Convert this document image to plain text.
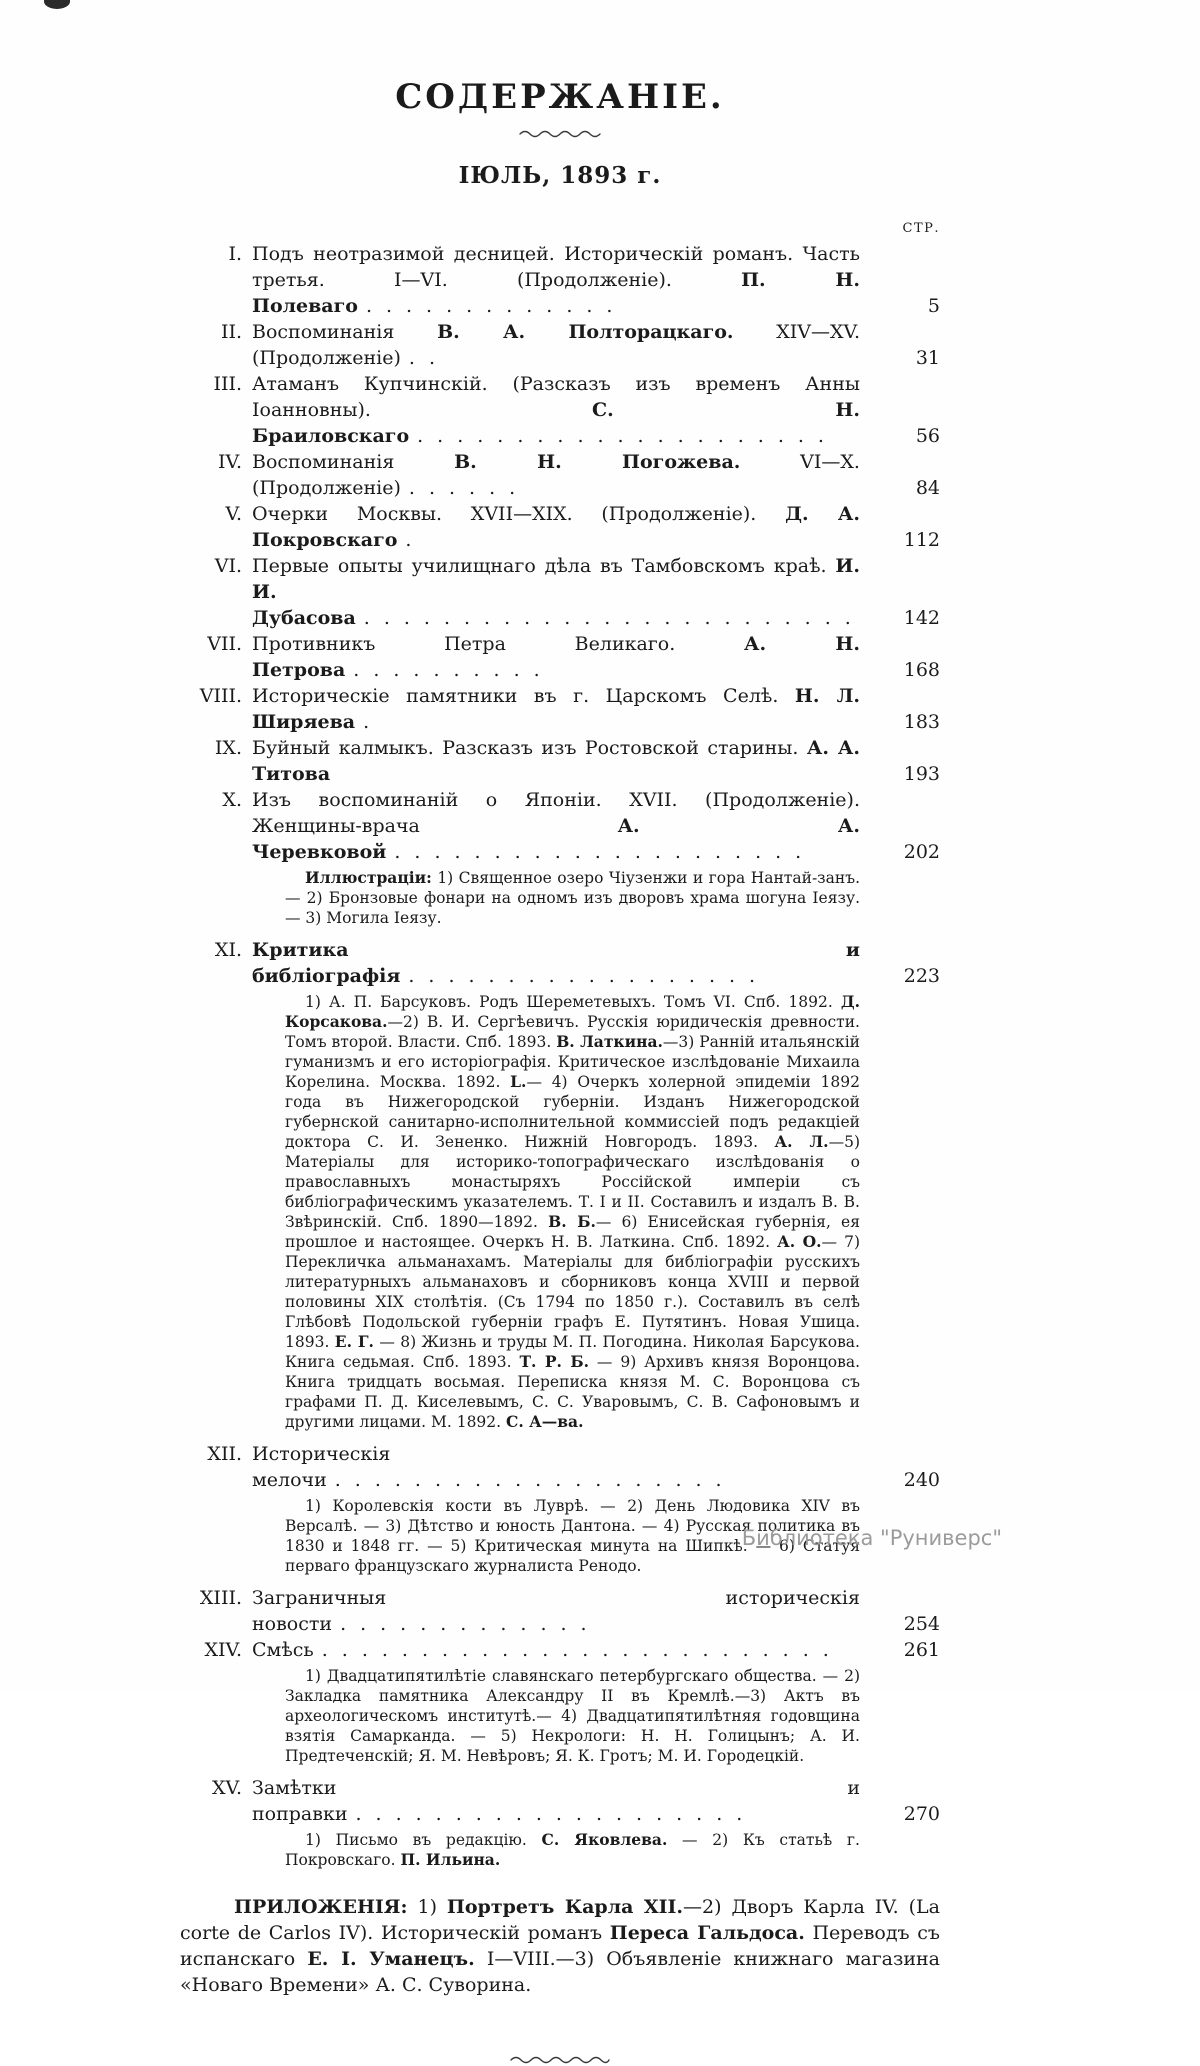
СОДЕРЖАНІЕ.
ІЮЛЬ, 1893 г.
СТР.
I. Подъ неотразимой десницей. Историческій романъ. Часть третья. I—VI. (Продолженіе). П. Н. Полеваго .............	5
II. Воспоминанія В. А. Полторацкаго. XIV—XV. (Продолженіе) ..	31
III. Атаманъ Купчинскій. (Разсказъ изъ временъ Анны Іоанновны). С. Н. Браиловскаго .....................	56
IV. Воспоминанія В. Н. Погожева. VI—X. (Продолженіе) ......	84
V. Очерки Москвы. XVII—XIX. (Продолженіе). Д. А. Покровскаго .	112
VI. Первые опыты училищнаго дѣла въ Тамбовскомъ краѣ. И. И. Дубасова .........................	142
VII. Противникъ Петра Великаго. А. Н. Петрова ..........	168
VIII. Историческіе памятники въ г. Царскомъ Селѣ. Н. Л. Ширяева .	183
IX. Буйный калмыкъ. Разсказъ изъ Ростовской старины. А. А. Титова	193
X. Изъ воспоминаній о Японіи. XVII. (Продолженіе). Женщины-врача А. А. Черевковой .....................	202
Иллюстраціи: 1) Священное озеро Чіузенжи и гора Нантай-занъ. — 2) Бронзовые фонари на одномъ изъ дворовъ храма шогуна Іеязу. — 3) Могила Іеязу.
XI. Критика и библіографія ..................	223
1) А. П. Барсуковъ. Родъ Шереметевыхъ. Томъ VI. Спб. 1892. Д. Корсакова.—2) В. И. Сергѣевичъ. Русскія юридическія древности. Томъ второй. Власти. Спб. 1893. В. Латкина.—3) Ранній итальянскій гуманизмъ и его исторіографія. Критическое изслѣдованіе Михаила Корелина. Москва. 1892. L.— 4) Очеркъ холерной эпидеміи 1892 года въ Нижегородской губерніи. Изданъ Нижегородской губернской санитарно-исполнительной коммиссіей подъ редакціей доктора С. И. Зененко. Нижній Новгородъ. 1893. А. Л.—5) Матеріалы для историко-топографическаго изслѣдованія о православныхъ монастыряхъ Россійской имперіи съ библіографическимъ указателемъ. Т. I и II. Составилъ и издалъ В. В. Звѣринскій. Спб. 1890—1892. В. Б.— 6) Енисейская губернія, ея прошлое и настоящее. Очеркъ Н. В. Латкина. Спб. 1892. А. О.— 7) Перекличка альманахамъ. Матеріалы для библіографіи русскихъ литературныхъ альманаховъ и сборниковъ конца XVIII и первой половины XIX столѣтія. (Съ 1794 по 1850 г.). Составилъ въ селѣ Глѣбовѣ Подольской губерніи графъ Е. Путятинъ. Новая Ушица. 1893. Е. Г. — 8) Жизнь и труды М. П. Погодина. Николая Барсукова. Книга седьмая. Спб. 1893. Т. Р. Б. — 9) Архивъ князя Воронцова. Книга тридцать восьмая. Переписка князя М. С. Воронцова съ графами П. Д. Киселевымъ, С. С. Уваровымъ, С. В. Сафоновымъ и другими лицами. М. 1892. С. А—ва.
XII. Историческія мелочи ....................	240
1) Королевскія кости въ Луврѣ. — 2) День Людовика XIV въ Версалѣ. — 3) Дѣтство и юность Дантона. — 4) Русская политика въ 1830 и 1848 гг. — 5) Критическая минута на Шипкѣ. — 6) Статуя перваго французскаго журналиста Ренодо.
XIII. Заграничныя историческія новости .............	254
XIV. Смѣсь ..........................	261
1) Двадцатипятилѣтіе славянскаго петербургскаго общества. — 2) Закладка памятника Александру II въ Кремлѣ.—3) Актъ въ археологическомъ институтѣ.— 4) Двадцатипятилѣтняя годовщина взятія Самарканда. — 5) Некрологи: Н. Н. Голицынъ; А. И. Предтеченскій; Я. М. Невѣровъ; Я. К. Гротъ; М. И. Городецкій.
XV. Замѣтки и поправки ....................	270
1) Письмо въ редакцію. С. Яковлева. — 2) Къ статьѣ г. Покровскаго. П. Ильина.

ПРИЛОЖЕНІЯ: 1) Портретъ Карла XII.—2) Дворъ Карла IV. (La corte de Carlos IV). Историческій романъ Переса Гальдоса. Переводъ съ испанскаго Е. І. Уманецъ. I—VIII.—3) Объявленіе книжнаго магазина «Новаго Времени» А. С. Суворина.

Библиотека "Руниверс"
